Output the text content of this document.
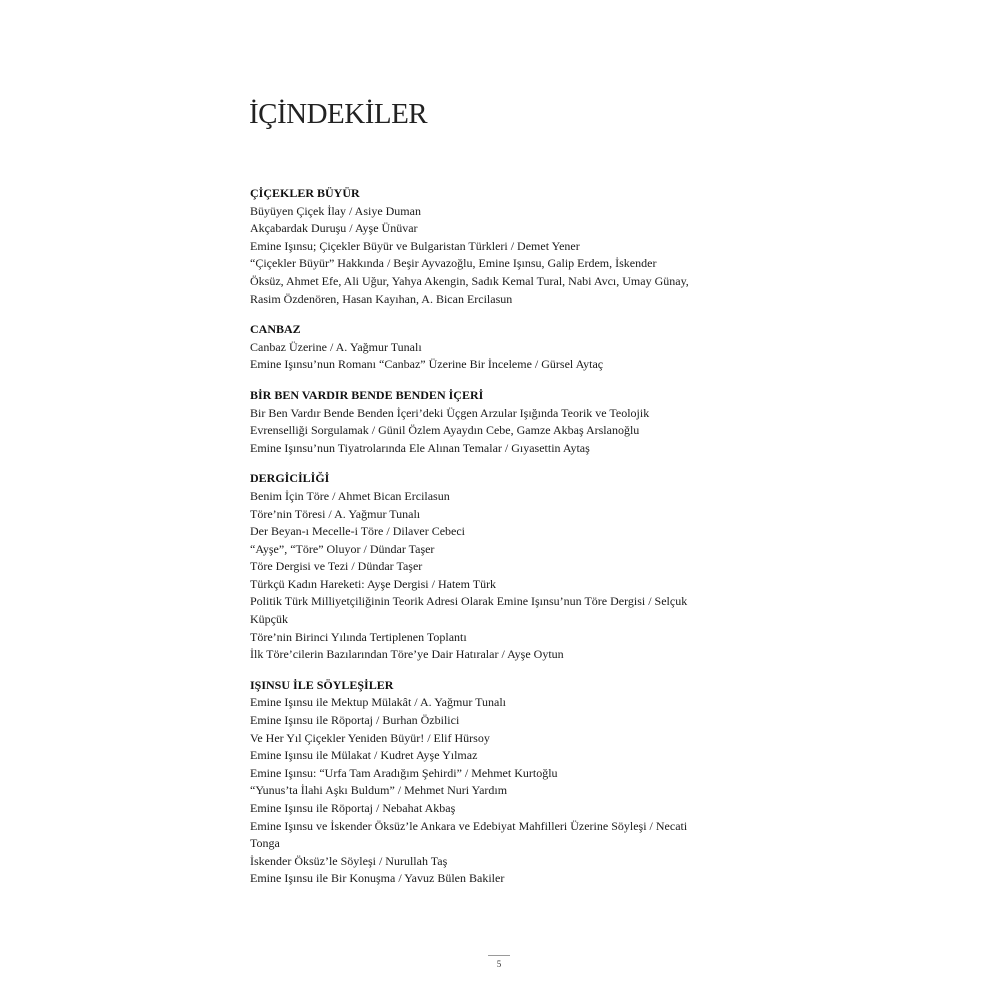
İÇİNDEKİLER
ÇİÇEKLER BÜYÜR
Büyüyen Çiçek İlay / Asiye Duman
Akçabardak Duruşu / Ayşe Ünüvar
Emine Işınsu; Çiçekler Büyür ve Bulgaristan Türkleri / Demet Yener
“Çiçekler Büyür” Hakkında / Beşir Ayvazoğlu, Emine Işınsu, Galip Erdem, İskender
Öksüz, Ahmet Efe, Ali Uğur, Yahya Akengin, Sadık Kemal Tural, Nabi Avcı, Umay Günay,
Rasim Özdenören, Hasan Kayıhan, A. Bican Ercilasun
CANBAZ
Canbaz Üzerine / A. Yağmur Tunalı
Emine Işınsu’nun Romanı “Canbaz” Üzerine Bir İnceleme / Gürsel Aytaç
BİR BEN VARDIR BENDE BENDEN İÇERİ
Bir Ben Vardır Bende Benden İçeri’deki Üçgen Arzular Işığında Teorik ve Teolojik
Evrenselliği Sorgulamak / Günil Özlem Ayaydın Cebe, Gamze Akbaş Arslanoğlu
Emine Işınsu’nun Tiyatrolarında Ele Alınan Temalar / Gıyasettin Aytaş
DERGİCİLİĞİ
Benim İçin Töre / Ahmet Bican Ercilasun
Töre’nin Töresi / A. Yağmur Tunalı
Der Beyan-ı Mecelle-i Töre / Dilaver Cebeci
“Ayşe”, “Töre” Oluyor / Dündar Taşer
Töre Dergisi ve Tezi / Dündar Taşer
Türkçü Kadın Hareketi: Ayşe Dergisi / Hatem Türk
Politik Türk Milliyetçiliğinin Teorik Adresi Olarak Emine Işınsu’nun Töre Dergisi / Selçuk
Küpçük
Töre’nin Birinci Yılında Tertiplenen Toplantı
İlk Töre’cilerin Bazılarından Töre’ye Dair Hatıralar / Ayşe Oytun
IŞINSU İLE SÖYLEŞİLER
Emine Işınsu ile Mektup Mülakât / A. Yağmur Tunalı
Emine Işınsu ile Röportaj / Burhan Özbilici
Ve Her Yıl Çiçekler Yeniden Büyür! / Elif Hürsoy
Emine Işınsu ile Mülakat / Kudret Ayşe Yılmaz
Emine Işınsu: “Urfa Tam Aradığım Şehirdi” / Mehmet Kurtoğlu
“Yunus’ta İlahi Aşkı Buldum” / Mehmet Nuri Yardım
Emine Işınsu ile Röportaj / Nebahat Akbaş
Emine Işınsu ve İskender Öksüz’le Ankara ve Edebiyat Mahfilleri Üzerine Söyleşi / Necati
Tonga
İskender Öksüz’le Söyleşi / Nurullah Taş
Emine Işınsu ile Bir Konuşma / Yavuz Bülen Bakiler
5
